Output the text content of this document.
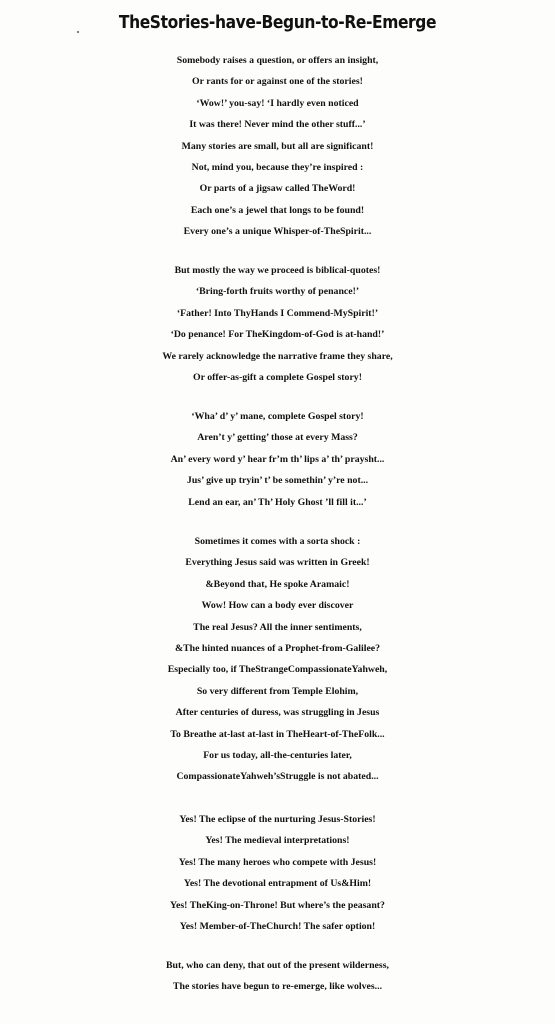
TheStories-have-Begun-to-Re-Emerge
Somebody raises a question, or offers an insight,
Or rants for or against one of the stories!
‘Wow!’ you-say! ‘I hardly even noticed
It was there! Never mind the other stuff...’
Many stories are small, but all are significant!
Not, mind you, because they’re inspired :
Or parts of a jigsaw called TheWord!
Each one’s a jewel that longs to be found!
Every one’s a unique Whisper-of-TheSpirit...
But mostly the way we proceed is biblical-quotes!
‘Bring-forth fruits worthy of penance!’
‘Father! Into ThyHands I Commend-MySpirit!’
‘Do penance! For TheKingdom-of-God is at-hand!’
We rarely acknowledge the narrative frame they share,
Or offer-as-gift a complete Gospel story!
‘Wha’ d’ y’ mane, complete Gospel story!
Aren’t y’ getting’ those at every Mass?
An’ every word y’ hear fr’m th’ lips a’ th’ praysht...
Jus’ give up tryin’ t’ be somethin’ y’re not...
Lend an ear, an’ Th’ Holy Ghost ’ll fill it...’
Sometimes it comes with a sorta shock :
Everything Jesus said was written in Greek!
&Beyond that, He spoke Aramaic!
Wow! How can a body ever discover
The real Jesus? All the inner sentiments,
&The hinted nuances of a Prophet-from-Galilee?
Especially too, if TheStrangeCompassionateYahweh,
So very different from Temple Elohim,
After centuries of duress, was struggling in Jesus
To Breathe at-last at-last in TheHeart-of-TheFolk...
For us today, all-the-centuries later,
CompassionateYahweh’sStruggle is not abated...
Yes! The eclipse of the nurturing Jesus-Stories!
Yes! The medieval interpretations!
Yes! The many heroes who compete with Jesus!
Yes! The devotional entrapment of Us&Him!
Yes! TheKing-on-Throne! But where’s the peasant?
Yes! Member-of-TheChurch! The safer option!
But, who can deny, that out of the present wilderness,
The stories have begun to re-emerge, like wolves...
